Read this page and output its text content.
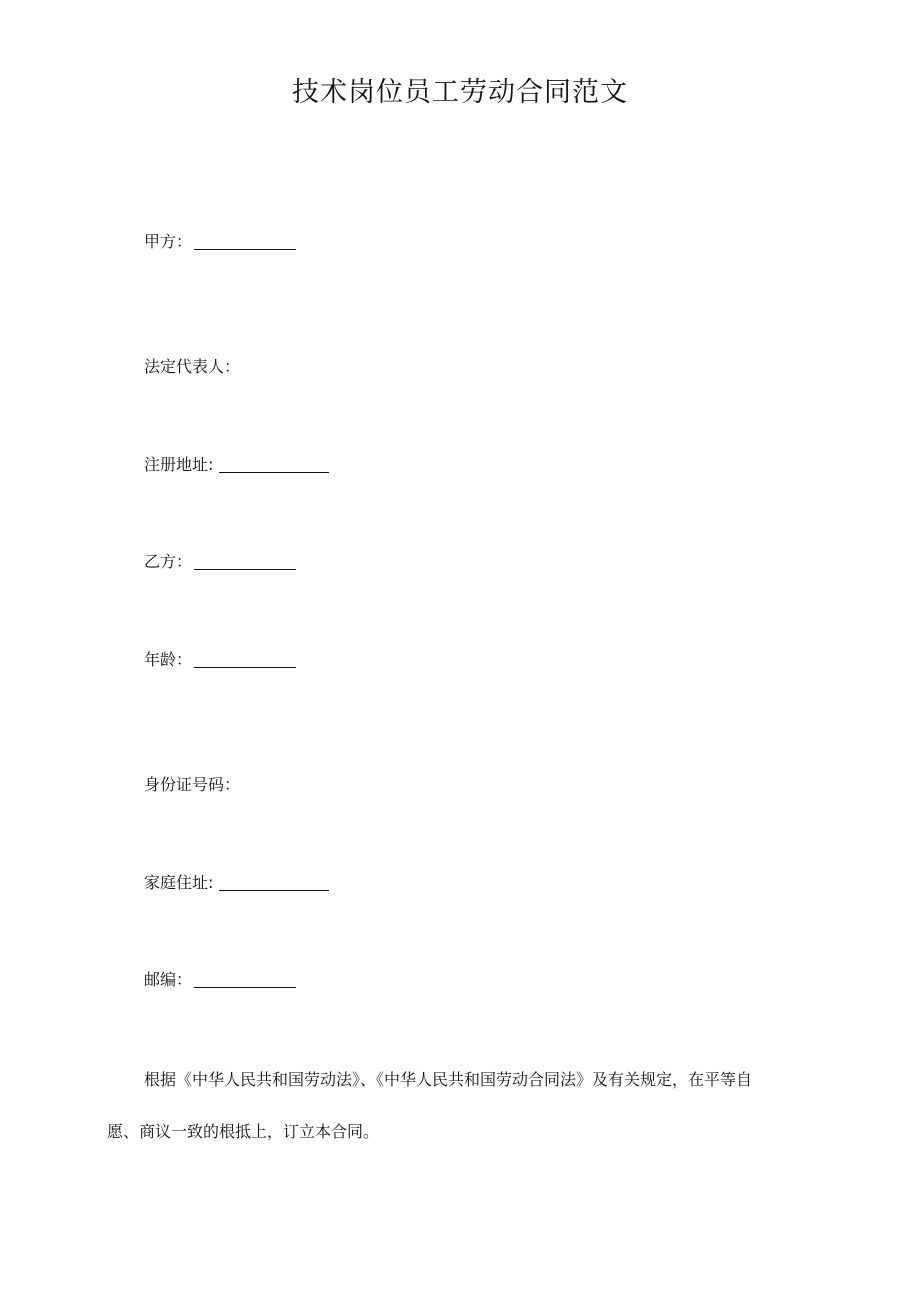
技术岗位员工劳动合同范文
甲方：
法定代表人：
注册地址:
乙方：
年龄：
身份证号码：
家庭住址:
邮编：
根据《中华人民共和国劳动法》、《中华人民共和国劳动合同法》及有关规定，在平等自
愿、商议一致的根抵上，订立本合同。
